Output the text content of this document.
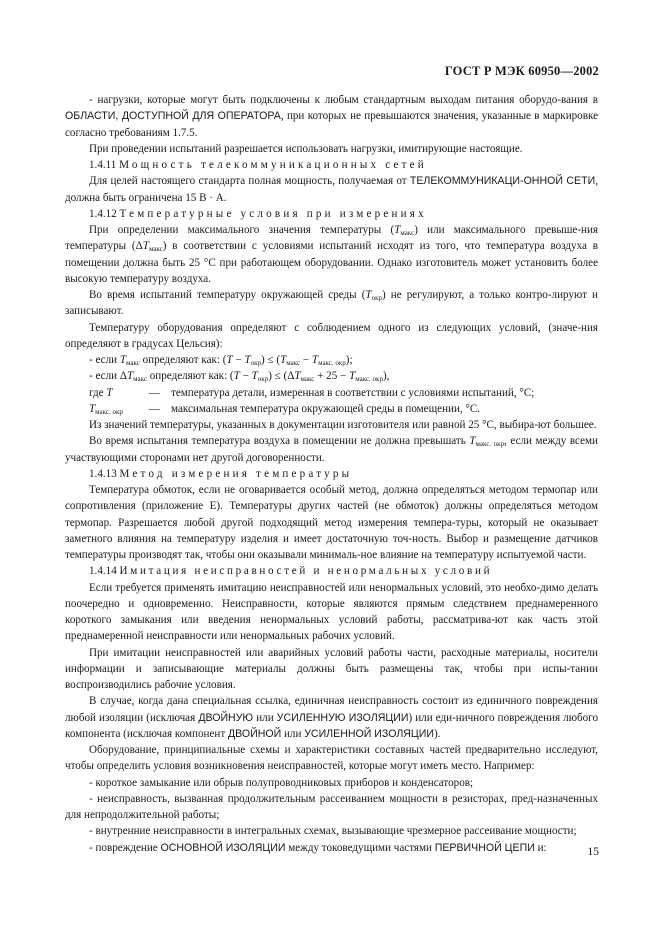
ГОСТ Р МЭК 60950—2002

- нагрузки, которые могут быть подключены к любым стандартным выходам питания оборудо-вания в ОБЛАСТИ, ДОСТУПНОЙ ДЛЯ ОПЕРАТОРА, при которых не превышаются значения, указанные в маркировке согласно требованиям 1.7.5.

При проведении испытаний разрешается использовать нагрузки, имитирующие настоящие.

1.4.11 Мощность телекоммуникационных сетей

Для целей настоящего стандарта полная мощность, получаемая от ТЕЛЕКОММУНИКАЦИ-ОННОЙ СЕТИ, должна быть ограничена 15 В · А.

1.4.12 Температурные условия при измерениях

При определении максимального значения температуры $(T_{макс})$ или максимального превыше-ния температуры $(\Delta T_{макс})$ в соответствии с условиями испытаний исходят из того, что температура воздуха в помещении должна быть 25 °С при работающем оборудовании. Однако изготовитель может установить более высокую температуру воздуха.

Во время испытаний температуру окружающей среды $(T_{окр})$ не регулируют, а только контро-лируют и записывают.

Температуру оборудования определяют с соблюдением одного из следующих условий, (значе-ния определяют в градусах Цельсия):

- если $T_{макс}$ определяют как: $(T - T_{окр}) \le (T_{макс} - T_{макс. окр})$;

- если $\Delta T_{макс}$ определяют как: $(T - T_{окр}) \le (\Delta T_{макс} + 25 - T_{макс. окр})$,

где T	— температура детали, измеренная в соответствии с условиями испытаний, °С;
$T_{макс. окр}$	— максимальная температура окружающей среды в помещении, °С.

Из значений температуры, указанных в документации изготовителя или равной 25 °С, выбира-ют большее.

Во время испытания температура воздуха в помещении не должна превышать $T_{макс. окр}$, если между всеми участвующими сторонами нет другой договоренности.

1.4.13 Метод измерения температуры

Температура обмоток, если не оговаривается особый метод, должна определяться методом термопар или сопротивления (приложение Е). Температуры других частей (не обмоток) должны определяться методом термопар. Разрешается любой другой подходящий метод измерения темпера-туры, который не оказывает заметного влияния на температуру изделия и имеет достаточную точ-ность. Выбор и размещение датчиков температуры производят так, чтобы они оказывали минималь-ное влияние на температуру испытуемой части.

1.4.14 Имитация неисправностей и ненормальных условий

Если требуется применять имитацию неисправностей или ненормальных условий, это необхо-димо делать поочередно и одновременно. Неисправности, которые являются прямым следствием преднамеренного короткого замыкания или введения ненормальных условий работы, рассматрива-ют как часть этой преднамеренной неисправности или ненормальных рабочих условий.

При имитации неисправностей или аварийных условий работы части, расходные материалы, носители информации и записывающие материалы должны быть размещены так, чтобы при испы-тании воспроизводились рабочие условия.

В случае, когда дана специальная ссылка, единичная неисправность состоит из единичного повреждения любой изоляции (исключая ДВОЙНУЮ или УСИЛЕННУЮ ИЗОЛЯЦИИ) или еди-ничного повреждения любого компонента (исключая компонент ДВОЙНОЙ или УСИЛЕННОЙ ИЗОЛЯЦИИ).

Оборудование, принципиальные схемы и характеристики составных частей предварительно исследуют, чтобы определить условия возникновения неисправностей, которые могут иметь место. Например:

- короткое замыкание или обрыв полупроводниковых приборов и конденсаторов;

- неисправность, вызванная продолжительным рассеиванием мощности в резисторах, пред-назначенных для непродолжительной работы;

- внутренние неисправности в интегральных схемах, вызывающие чрезмерное рассеивание мощности;

- повреждение ОСНОВНОЙ ИЗОЛЯЦИИ между токоведущими частями ПЕРВИЧНОЙ ЦЕПИ и:	15
